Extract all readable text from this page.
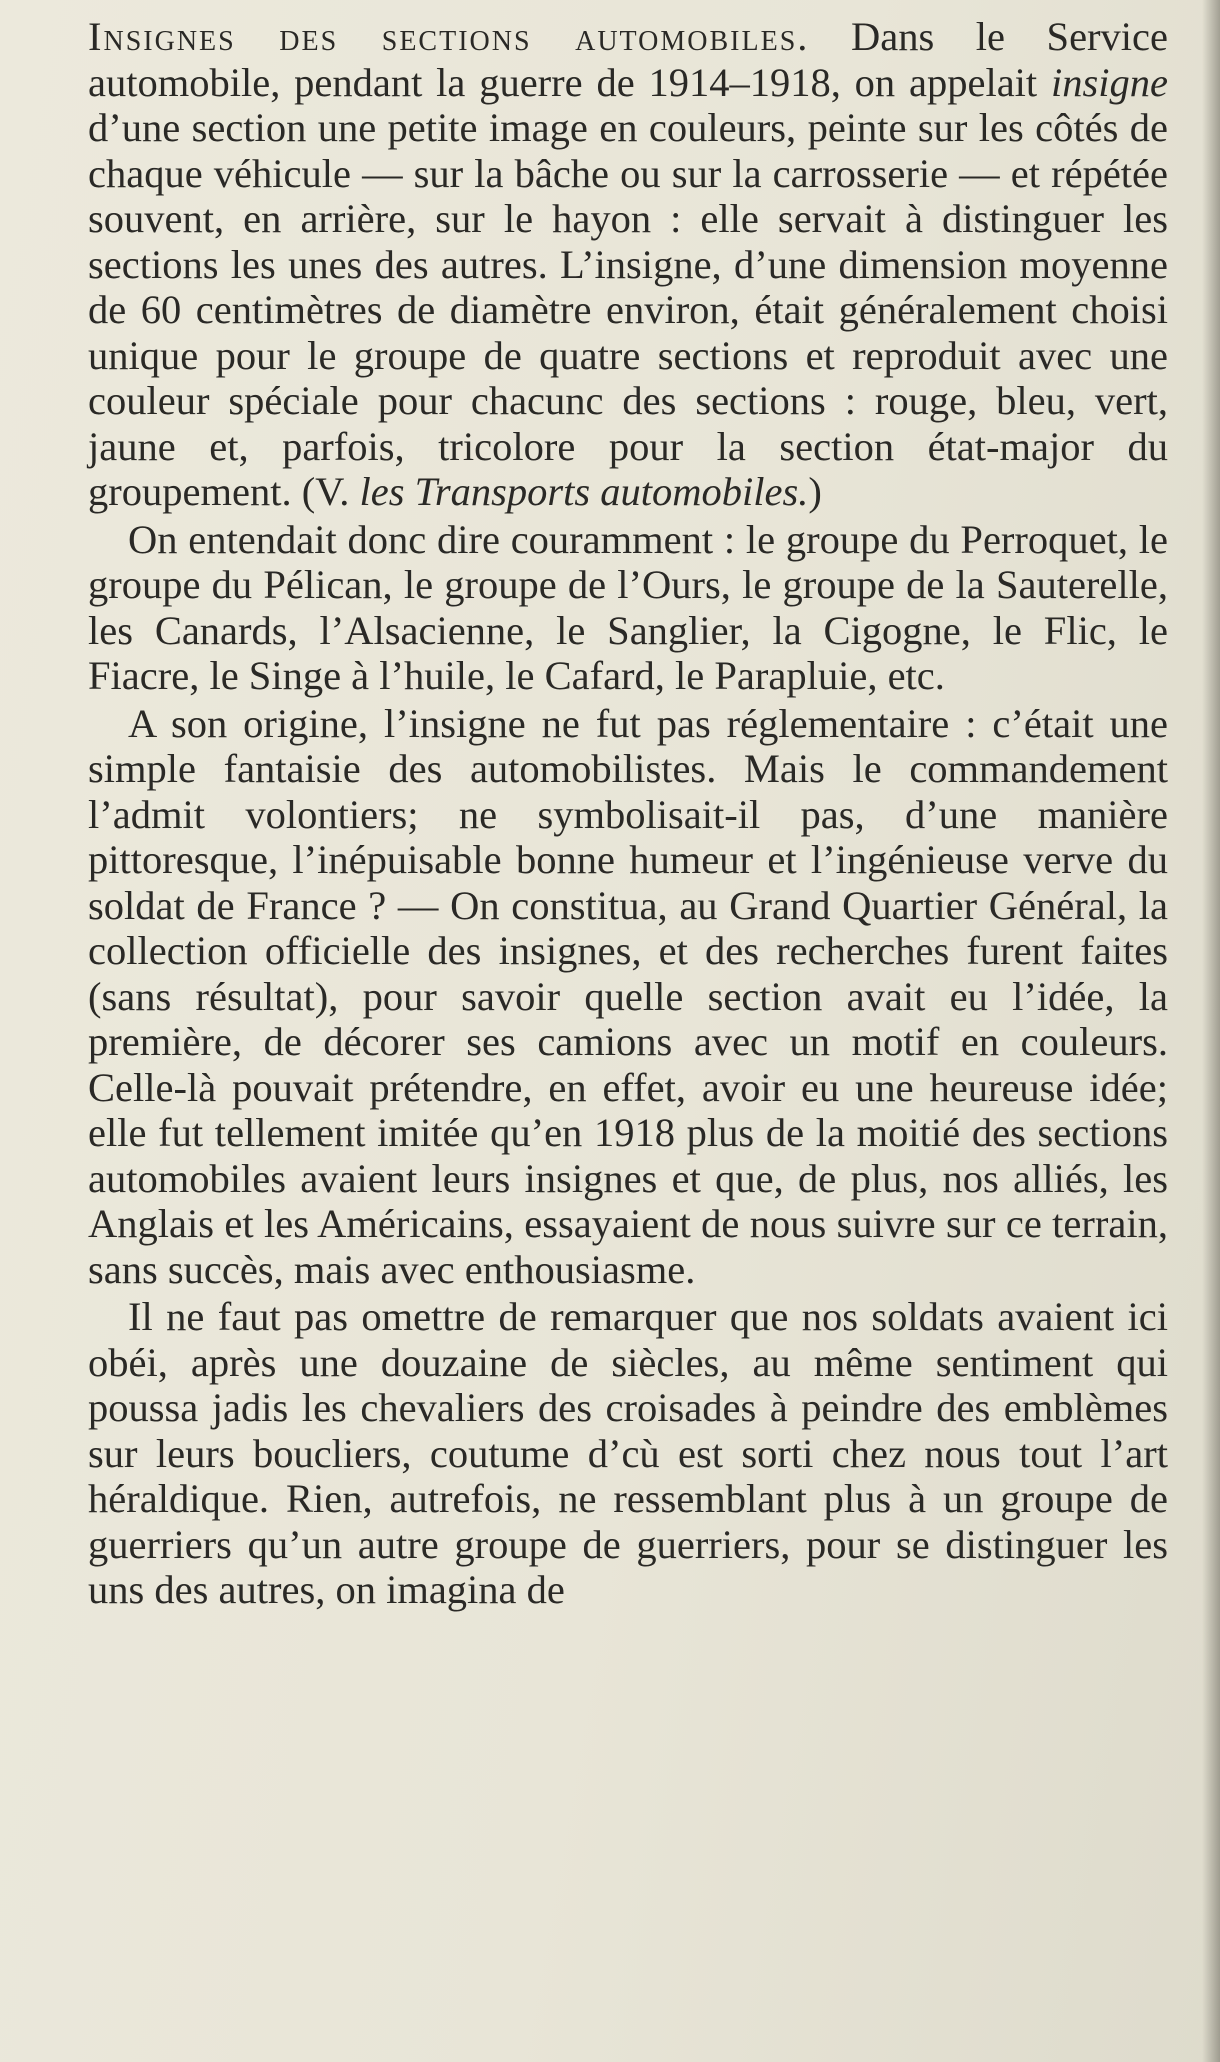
Insignes des sections automobiles. Dans le Service automobile, pendant la guerre de 1914–1918, on appelait insigne d’une section une petite image en couleurs, peinte sur les côtés de chaque véhicule — sur la bâche ou sur la carrosserie — et répétée souvent, en arrière, sur le hayon : elle servait à distinguer les sections les unes des autres. L’insigne, d’une dimension moyenne de 60 centimètres de diamètre environ, était généralement choisi unique pour le groupe de quatre sections et reproduit avec une couleur spéciale pour chacunc des sections : rouge, bleu, vert, jaune et, parfois, tricolore pour la section état-major du groupement. (V. les Transports automobiles.)

On entendait donc dire couramment : le groupe du Perroquet, le groupe du Pélican, le groupe de l’Ours, le groupe de la Sauterelle, les Canards, l’Alsacienne, le Sanglier, la Cigogne, le Flic, le Fiacre, le Singe à l’huile, le Cafard, le Parapluie, etc.

A son origine, l’insigne ne fut pas réglementaire : c’était une simple fantaisie des automobilistes. Mais le commandement l’admit volontiers; ne symbolisait-il pas, d’une manière pittoresque, l’inépuisable bonne humeur et l’ingénieuse verve du soldat de France ? — On constitua, au Grand Quartier Général, la collection officielle des insignes, et des recherches furent faites (sans résultat), pour savoir quelle section avait eu l’idée, la première, de décorer ses camions avec un motif en couleurs. Celle-là pouvait prétendre, en effet, avoir eu une heureuse idée; elle fut tellement imitée qu’en 1918 plus de la moitié des sections automobiles avaient leurs insignes et que, de plus, nos alliés, les Anglais et les Américains, essayaient de nous suivre sur ce terrain, sans succès, mais avec enthousiasme.

Il ne faut pas omettre de remarquer que nos soldats avaient ici obéi, après une douzaine de siècles, au même sentiment qui poussa jadis les chevaliers des croisades à peindre des emblèmes sur leurs boucliers, coutume d’cù est sorti chez nous tout l’art héraldique. Rien, autrefois, ne ressemblant plus à un groupe de guerriers qu’un autre groupe de guerriers, pour se distinguer les uns des autres, on imagina de
